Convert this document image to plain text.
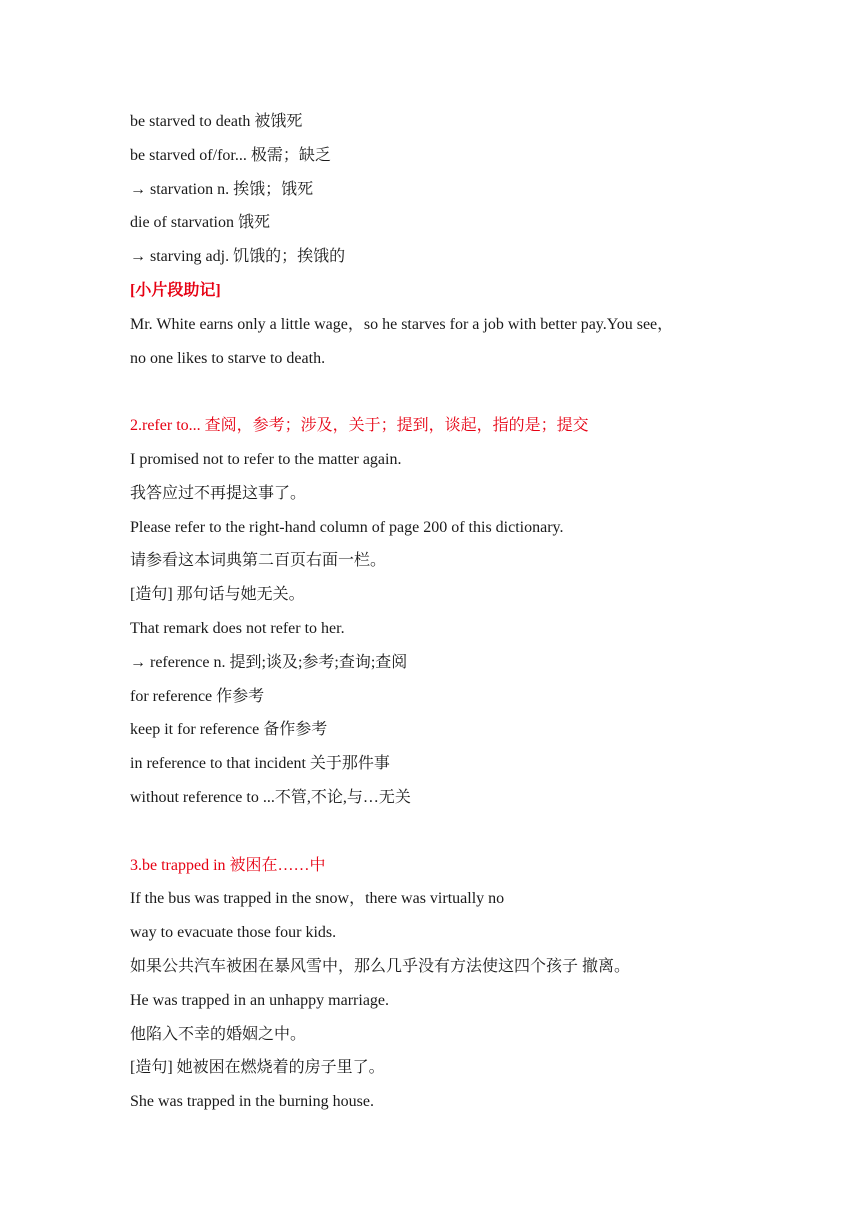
be starved to death 被饿死
be starved of/for... 极需；缺乏
→ starvation n. 挨饿；饿死
die of starvation 饿死
→ starving adj. 饥饿的；挨饿的
[小片段助记]
Mr. White earns only a little wage，so he starves for a job with better pay.You see，
no one likes to starve to death.
2.refer to... 查阅，参考；涉及，关于；提到，谈起，指的是；提交
I promised not to refer to the matter again.
我答应过不再提这事了。
Please refer to the right-hand column of page 200 of this dictionary.
请参看这本词典第二百页右面一栏。
[造句] 那句话与她无关。
That remark does not refer to her.
→ reference n. 提到;谈及;参考;查询;查阅
for reference 作参考
keep it for reference 备作参考
in reference to that incident 关于那件事
without reference to ...不管,不论,与…无关
3.be trapped in 被困在……中
If the bus was trapped in the snow，there was virtually no
way to evacuate those four kids.
如果公共汽车被困在暴风雪中，那么几乎没有方法使这四个孩子 撤离。
He was trapped in an unhappy marriage.
他陷入不幸的婚姻之中。
[造句] 她被困在燃烧着的房子里了。
She was trapped in the burning house.
